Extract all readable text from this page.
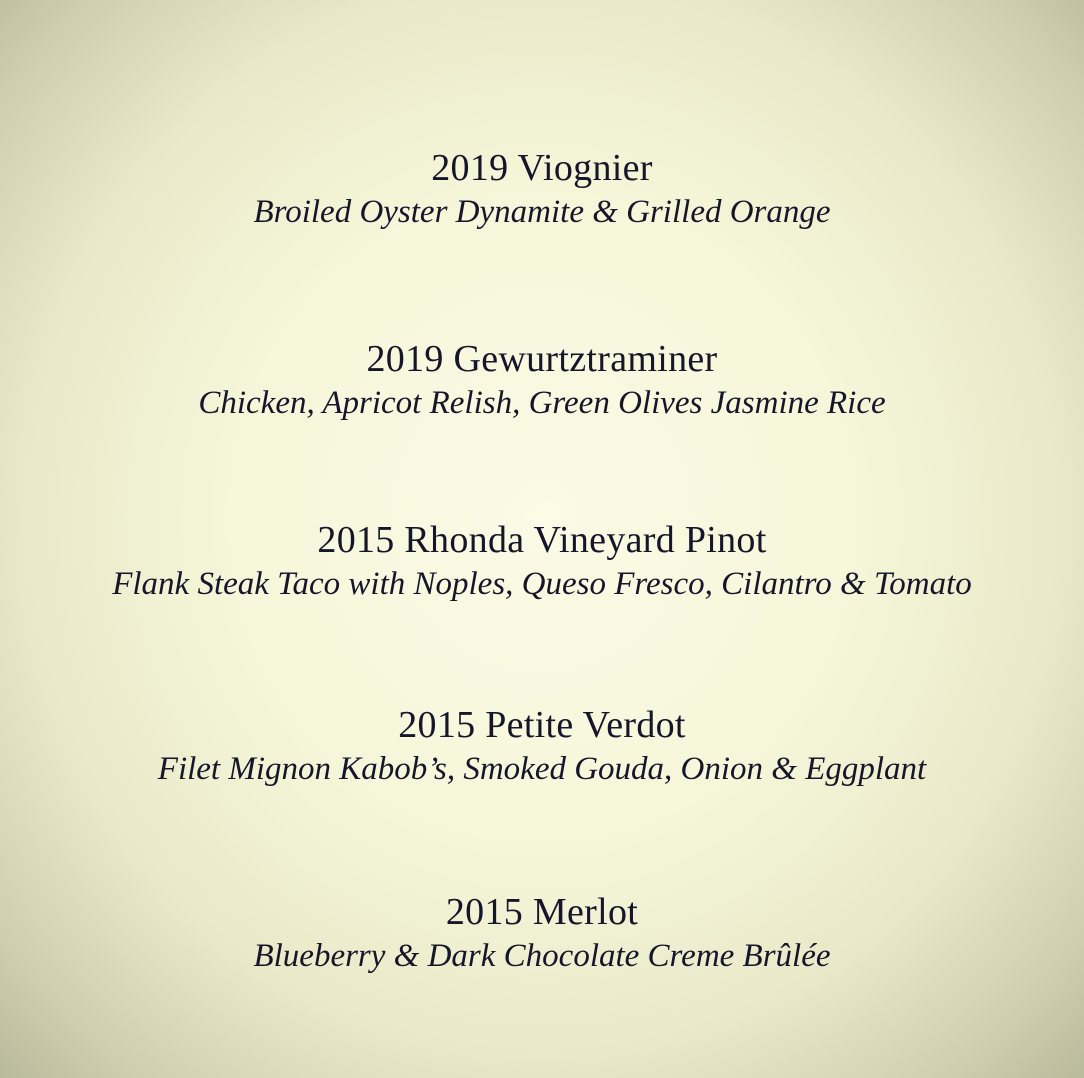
2019 Viognier
Broiled Oyster Dynamite & Grilled Orange
2019 Gewurtztraminer
Chicken, Apricot Relish, Green Olives Jasmine Rice
2015 Rhonda Vineyard Pinot
Flank Steak Taco with Noples, Queso Fresco, Cilantro & Tomato
2015 Petite Verdot
Filet Mignon Kabob’s, Smoked Gouda, Onion & Eggplant
2015 Merlot
Blueberry & Dark Chocolate Creme Brûlée
